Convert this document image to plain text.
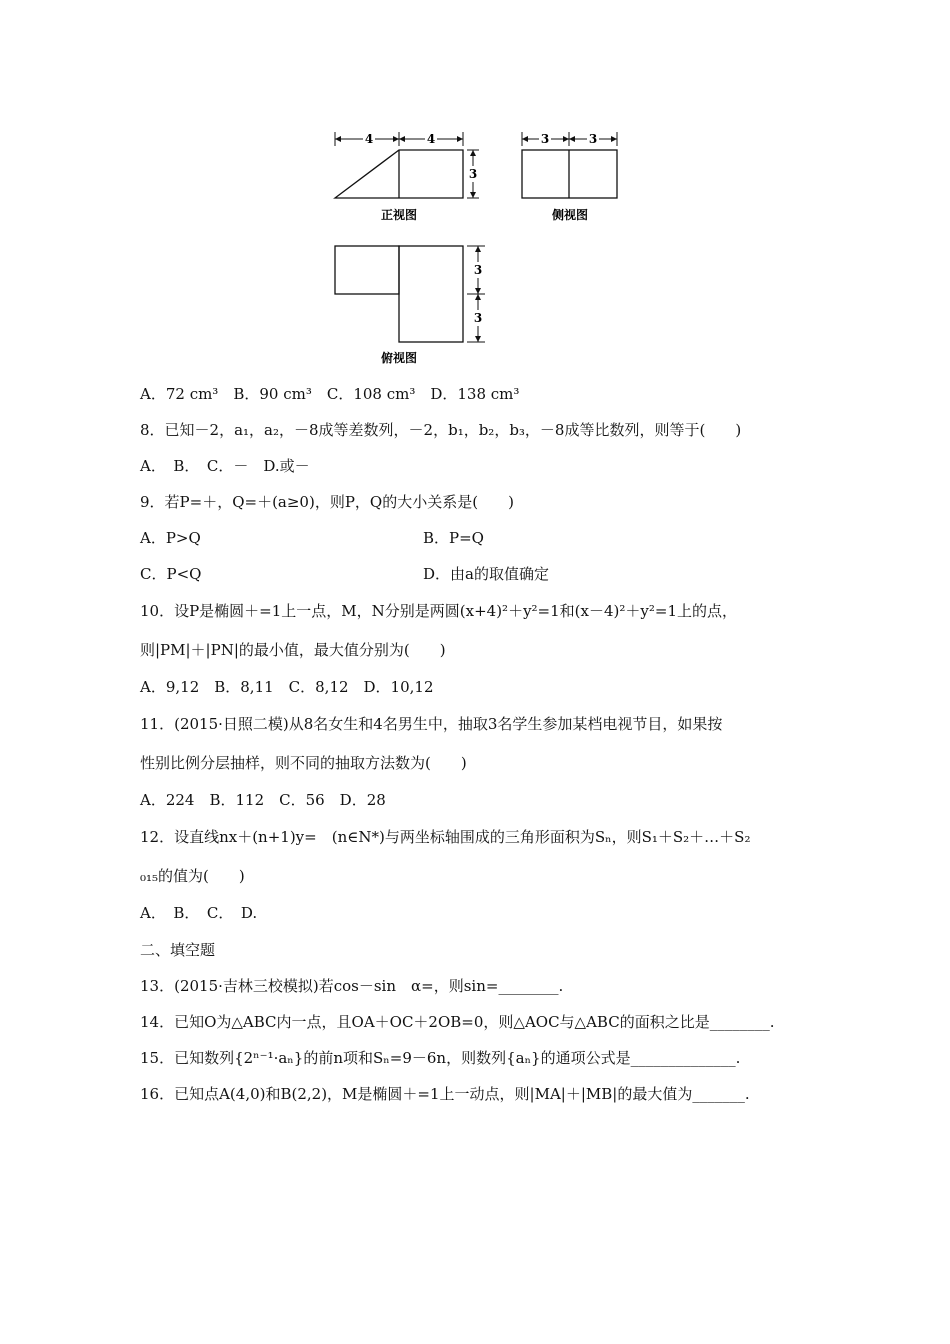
4	4
3
正视图
3	3
侧视图
3
3
俯视图
A．72 cm³　B．90 cm³　C．108 cm³　D．138 cm³
8．已知－2，a₁，a₂，－8成等差数列，－2，b₁，b₂，b₃，－8成等比数列，则等于(　　)
A．　B．　C．－　D.或－
9．若P=＋，Q=＋(a≥0)，则P，Q的大小关系是(　　)
A．P>Q	B．P=Q
C．P<Q	D．由a的取值确定
10．设P是椭圆＋=1上一点，M，N分别是两圆(x+4)²＋y²=1和(x－4)²＋y²=1上的点，
则|PM|＋|PN|的最小值，最大值分别为(　　)
A．9,12　B．8,11　C．8,12　D．10,12
11．(2015·日照二模)从8名女生和4名男生中，抽取3名学生参加某档电视节目，如果按
性别比例分层抽样，则不同的抽取方法数为(　　)
A．224　B．112　C．56　D．28
12．设直线nx＋(n+1)y=　(n∈N*)与两坐标轴围成的三角形面积为Sₙ，则S₁＋S₂＋…＋S₂
₀₁₅的值为(　　)
A．　B．　C．　D.
二、填空题
13．(2015·吉林三校模拟)若cos－sin　α=，则sin=________.
14．已知O为△ABC内一点，且OA＋OC＋2OB=0，则△AOC与△ABC的面积之比是________.
15．已知数列{2ⁿ⁻¹·aₙ}的前n项和Sₙ=9－6n，则数列{aₙ}的通项公式是______________.
16．已知点A(4,0)和B(2,2)，M是椭圆＋=1上一动点，则|MA|＋|MB|的最大值为_______.
